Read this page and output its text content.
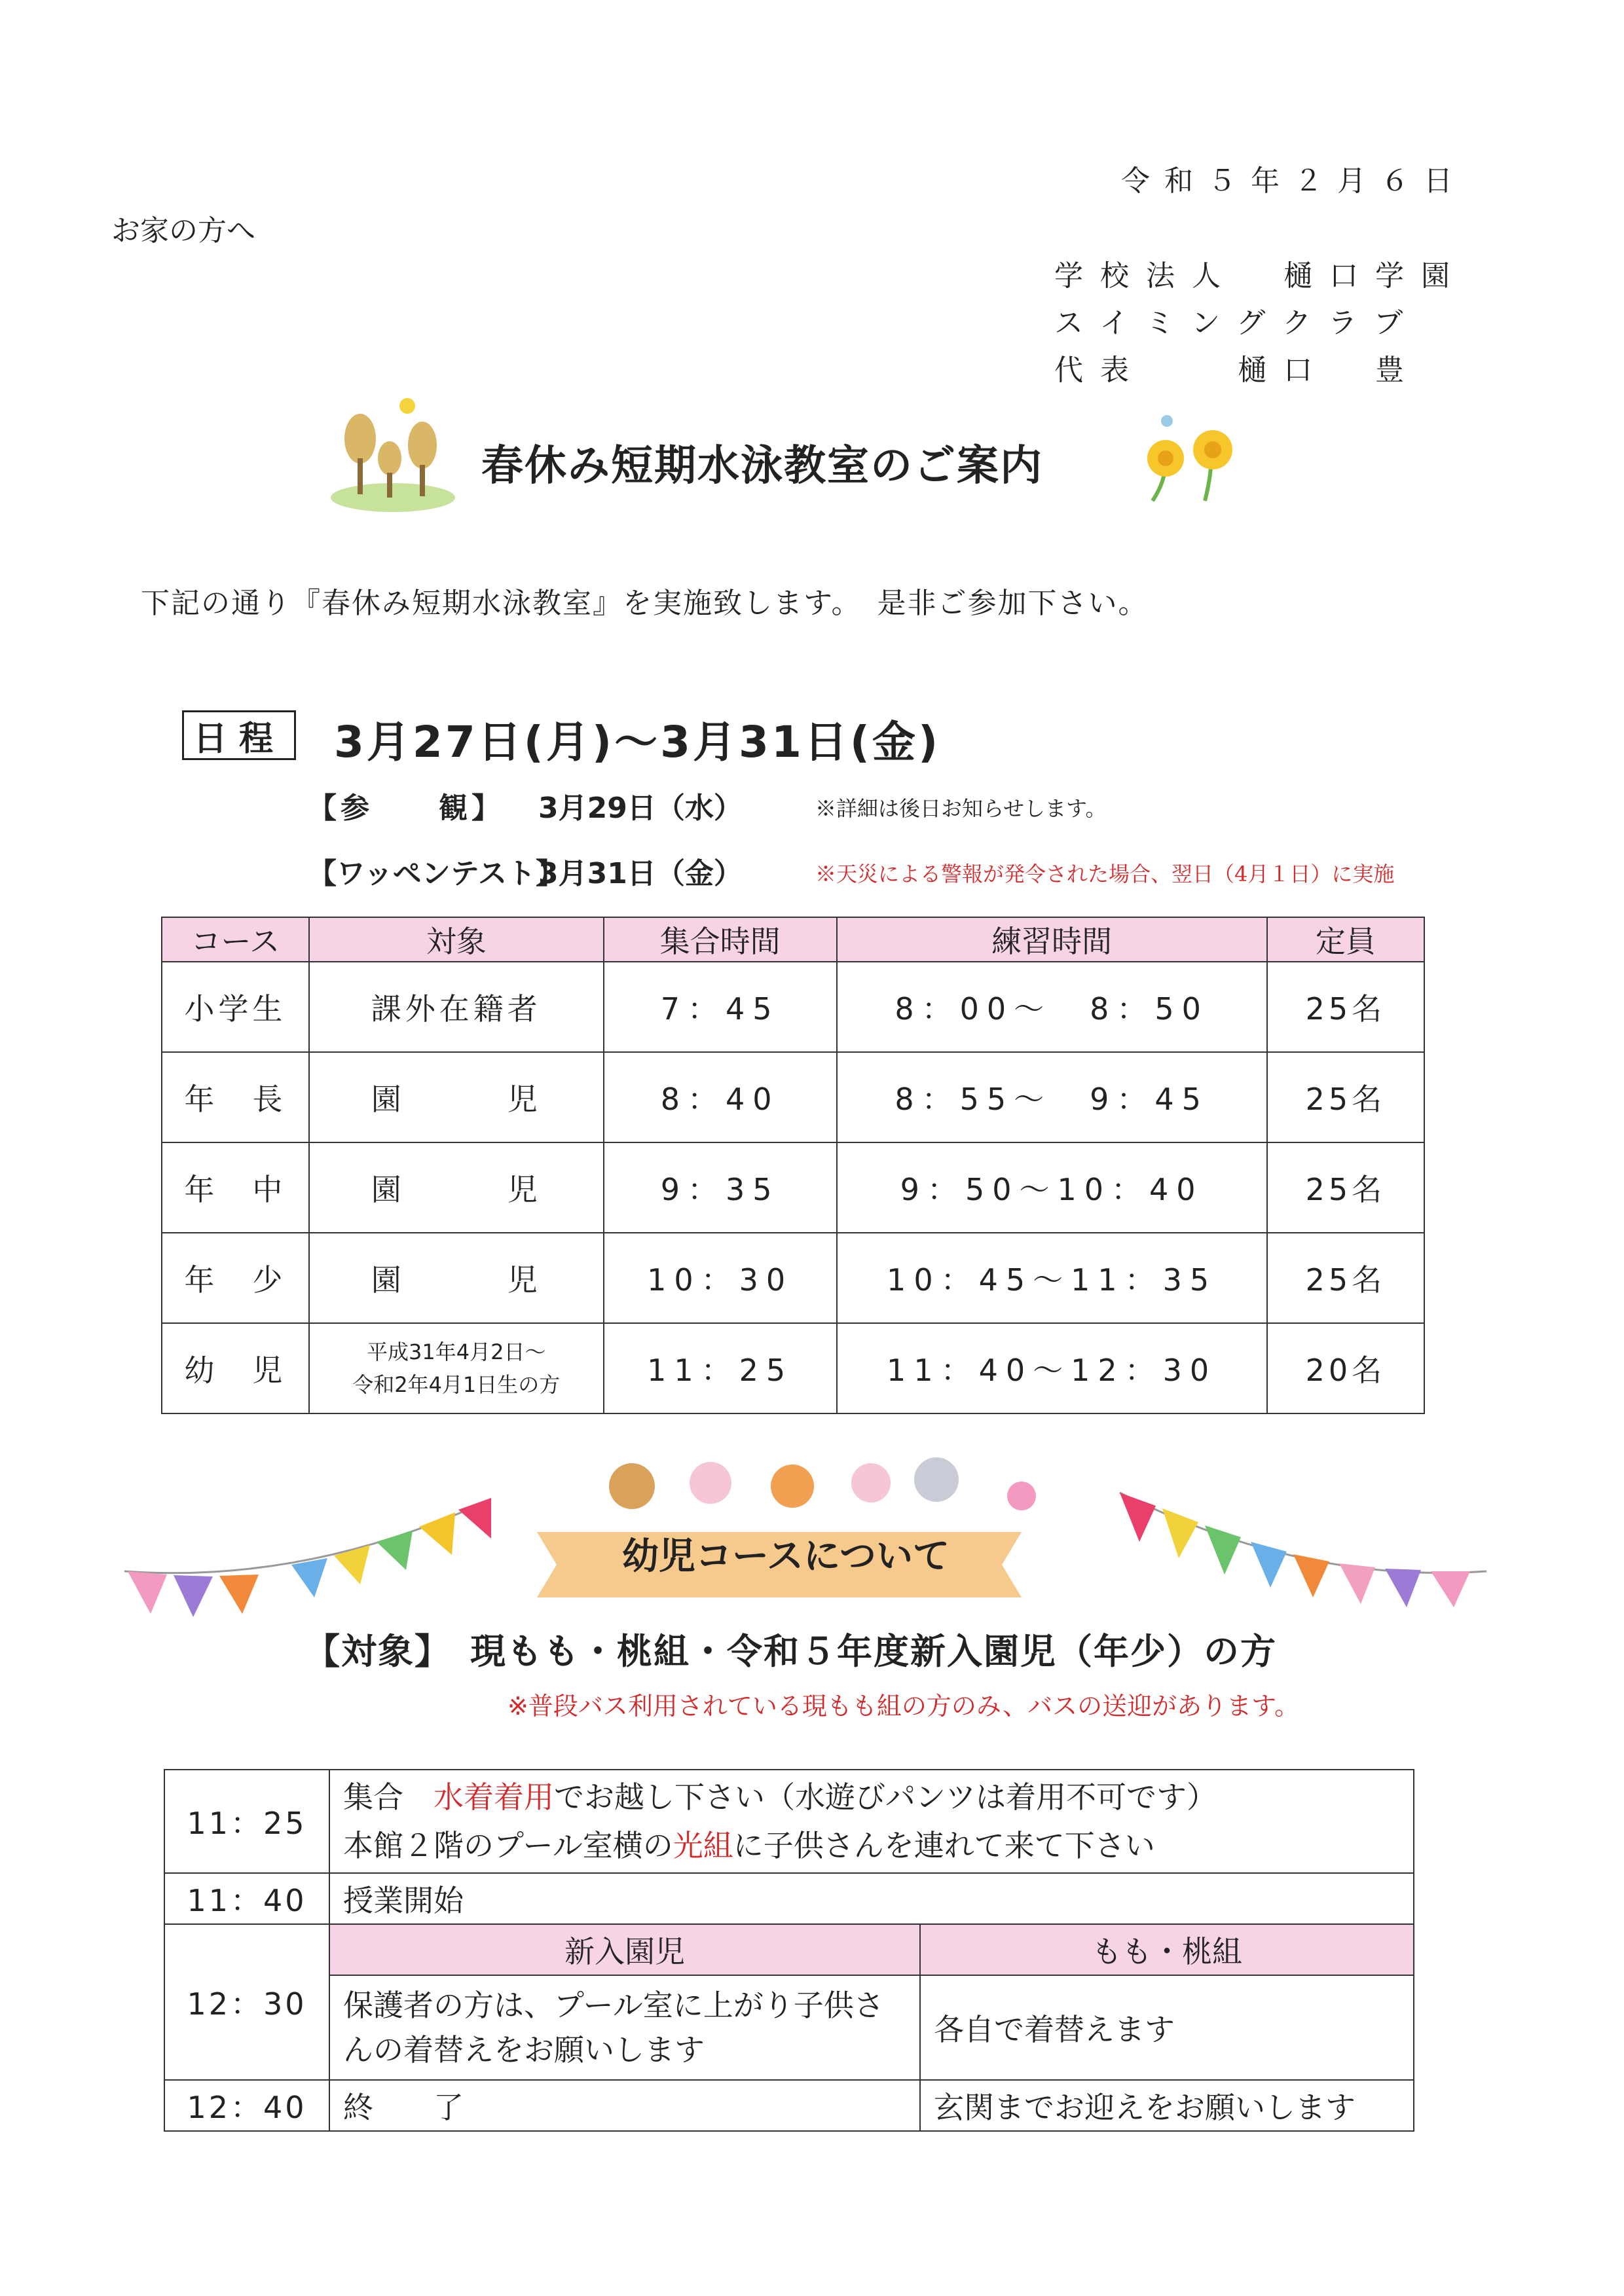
令和５年２月６日
お家の方へ
学校法人　樋口学園
スイミングクラブ
代表　　樋口　豊
春休み短期水泳教室のご案内
下記の通り『春休み短期水泳教室』を実施致します。　是非ご参加下さい。
日程 3月27日(月)〜3月31日(金)
【参　　観】 3月29日（水）	※詳細は後日お知らせします。
【ワッペンテスト】
3月31日（金）	※天災による警報が発令された場合、翌日（4月１日）に実施
コース	対象	集合時間	練習時間	定員
小学生	課外在籍者	7：45	8：00〜　8：50	25名
年　長	園　　　児	8：40	8：55〜　9：45	25名
年　中	園　　　児	9：35	9：50〜10：40	25名
年　少	園　　　児	10：30	10：45〜11：35	25名
幼　児	平成31年4月2日〜
令和2年4月1日生の方	11：25	11：40〜12：30	20名
幼児コースについて
【対象】　現もも・桃組・令和５年度新入園児（年少）の方
※普段バス利用されている現もも組の方のみ、バスの送迎があります。
11：25	集合　水着着用でお越し下さい（水遊びパンツは着用不可です）
本館２階のプール室横の光組に子供さんを連れて来て下さい	
11：40	授業開始	
12：30	新入園児	もも・桃組
	保護者の方は、プール室に上がり子供さんの着替えをお願いします	各自で着替えます
12：40	終　　了	玄関までお迎えをお願いします
